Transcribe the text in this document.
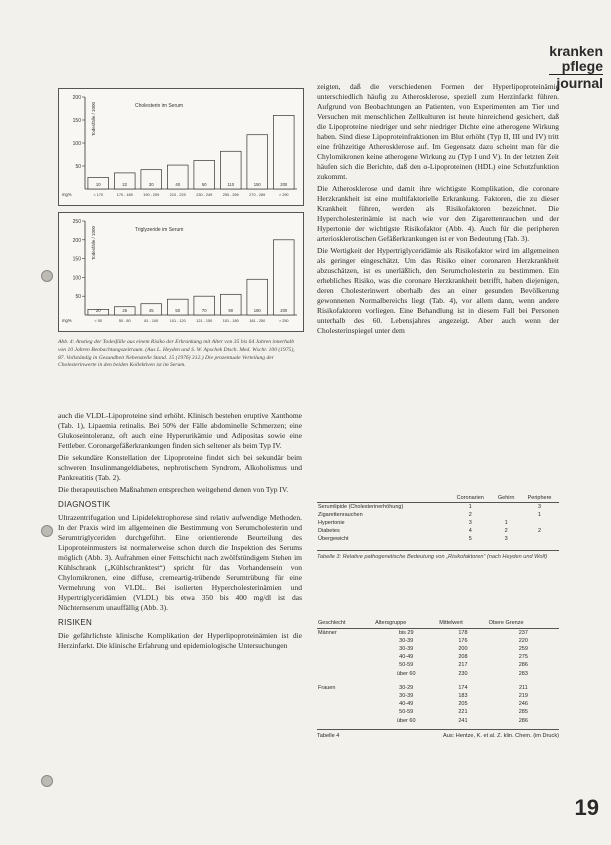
kranken
pflege
journal
200
150
100
50
Todesfälle / 1000	Cholesterin im Serum
10
< 170
22
170 - 189
30
190 - 209
40
210 - 229
50
230 - 249
110
250 - 269
150
270 - 289
200
> 290
mg%
250
200
150
100
50
Todesfälle / 1000	Triglyzeride im Serum
20
< 50
25
50 - 80
45
81 - 100
50
101 - 120
70
121 - 150
90
151 - 180
180
181 - 250
200
> 250
mg%
Abb. 4: Anstieg der Todesfälle aus einem Risiko der Erkrankung mit Alter von 35 bis 64 Jahren innerhalb von 10 Jahren Beobachtungszeitraum. (Aus L. Heyden und S. W. Apschek Dtsch. Med. Wschr. 100 (1975), 87. Vollständig in Gesundheit Nebenstelle Stand. 15 (1976) 312.) Die prozentuale Verteilung der Cholesterinwerte in den beiden Kollektiven ist im Serum.

auch die VLDL-Lipoproteine sind erhöht. Klinisch bestehen eruptive Xanthome (Tab. 1), Lipaemia retinalis. Bei 50% der Fälle abdominelle Schmerzen; eine Glukoseintoleranz, oft auch eine Hyperurikämie und Adipositas sowie eine Fettleber. Coronargefäßerkrankungen finden sich seltener als beim Typ IV.

Die sekundäre Konstellation der Lipoproteine findet sich bei sekundär beim schweren Insulinmangeldiabetes, nephrotischem Syndrom, Alkoholismus und Pankreatitis (Tab. 2).

Die therapeutischen Maßnahmen entsprechen weitgehend denen von Typ IV.

DIAGNOSTIK

Ultrazentrifugation und Lipidelektrophorese sind relativ aufwendige Methoden. In der Praxis wird im allgemeinen die Bestimmung von Serumcholesterin und Serumtriglyceriden durchgeführt. Eine orientierende Beurteilung des Lipoproteinmusters ist normalerweise schon durch die Inspektion des Serums möglich (Abb. 3). Aufrahmen einer Fettschicht nach zwölfstündigem Stehen im Kühlschrank („Kühlschranktest“) spricht für das Vorhandensein von Chylomikronen, eine diffuse, cremeartig-trübende Serumtrübung für eine Vermehrung von VLDL. Bei isolierten Hypercholesterinämien und Hypertriglyceridämien (VLDL) bis etwa 350 bis 400 mg/dl ist das Nüchternserum unauffällig (Abb. 3).

RISIKEN

Die gefährlichste klinische Komplikation der Hyperlipoproteinämien ist die Herzinfarkt. Die klinische Erfahrung und epidemiologische Untersuchungen

zeigten, daß die verschiedenen Formen der Hyperlipoproteinämie unterschiedlich häufig zu Atherosklerose, speziell zum Herzinfarkt führen. Aufgrund von Beobachtungen an Patienten, von Experimenten am Tier und Versuchen mit menschlichen Zellkulturen ist heute hinreichend gesichert, daß die Lipoproteine niedriger und sehr niedriger Dichte eine atherogene Wirkung haben. Sind diese Lipoproteinfraktionen im Blut erhöht (Typ II, III und IV) tritt eine frühzeitige Atherosklerose auf. Im Gegensatz dazu scheint man für die Chylomikronen keine atherogene Wirkung zu (Typ I und V). In der letzten Zeit häufen sich die Berichte, daß den α-Lipoproteinen (HDL) eine Schutzfunktion zukommt.

Die Atherosklerose und damit ihre wichtigste Komplikation, die coronare Herzkrankheit ist eine multifaktorielle Erkrankung. Faktoren, die zu dieser Krankheit führen, werden als Risikofaktoren bezeichnet. Die Hypercholesterinämie ist nach wie vor den Zigarettenrauchen und der Hypertonie der wichtigste Risikofaktor (Abb. 4). Auch für die peripheren arteriosklerotischen Gefäßerkrankungen ist er von Bedeutung (Tab. 3).

Die Wertigkeit der Hypertriglyceridämie als Risikofaktor wird im allgemeinen als geringer eingeschätzt. Um das Risiko einer coronaren Herzkrankheit abzuschätzen, ist es unerläßlich, den Serumcholesterin zu bestimmen. Ein erhebliches Risiko, was die coronare Herzkrankheit betrifft, haben diejenigen, deren Cholesterinwert oberhalb des an einer gesunden Bevölkerung gewonnenen Normalbereichs liegt (Tab. 4), vor allem dann, wenn andere Risikofaktoren vorliegen. Eine Behandlung ist in diesem Fall bei Personen unterhalb des 60. Lebensjahres angezeigt. Aber auch wenn der Cholesterinspiegel unter dem

	Coronarien	Gehirn	Periphere
Serumlipide (Cholesterinerhöhung)	1		3
Zigarettenrauchen	2		1
Hypertonie	3	1	
Diabetes	4	2	2
Übergewicht	5	3	
Tabelle 3: Relative pathogenetische Bedeutung von „Risikofaktoren“ (nach Heyden und Wolf)
Geschlecht	Altersgruppe	Mittelwert	Obere Grenze
Männer	bis 29	178	237
	30-39	176	220
	30-39	200	259
	40-49	208	275
	50-59	217	286
	über 60	230	283

Frauen	30-29	174	211
	30-39	183	219
	40-49	205	246
	50-59	221	285
	über 60	241	286
Tabelle 4	Aus: Hentze, K. et al. Z. klin. Chem. (im Druck)
19
